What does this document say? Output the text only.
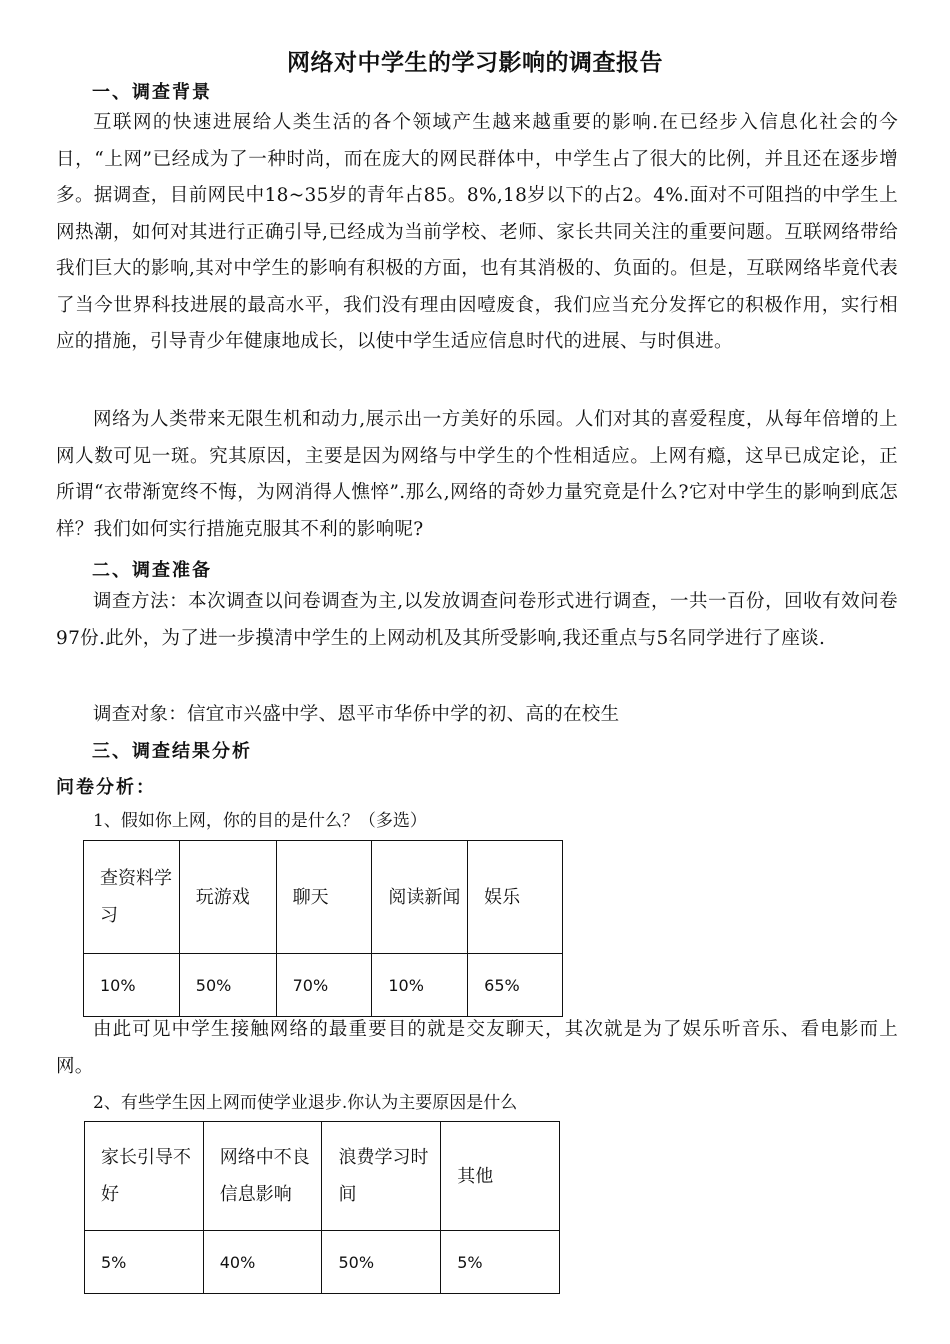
网络对中学生的学习影响的调查报告
一、调查背景

互联网的快速进展给人类生活的各个领域产生越来越重要的影响.在已经步入信息化社会的今日，“上网”已经成为了一种时尚，而在庞大的网民群体中，中学生占了很大的比例，并且还在逐步增多。据调查，目前网民中18~35岁的青年占85。8%,18岁以下的占2。4%.面对不可阻挡的中学生上网热潮，如何对其进行正确引导,已经成为当前学校、老师、家长共同关注的重要问题。互联网络带给我们巨大的影响,其对中学生的影响有积极的方面，也有其消极的、负面的。但是，互联网络毕竟代表了当今世界科技进展的最高水平，我们没有理由因噎废食，我们应当充分发挥它的积极作用，实行相应的措施，引导青少年健康地成长，以使中学生适应信息时代的进展、与时俱进。

网络为人类带来无限生机和动力,展示出一方美好的乐园。人们对其的喜爱程度，从每年倍增的上网人数可见一斑。究其原因，主要是因为网络与中学生的个性相适应。上网有瘾，这早已成定论，正所谓“衣带渐宽终不悔，为网消得人憔悴”.那么,网络的奇妙力量究竟是什么?它对中学生的影响到底怎样？我们如何实行措施克服其不利的影响呢?

二、调查准备

调查方法：本次调查以问卷调查为主,以发放调查问卷形式进行调查，一共一百份，回收有效问卷97份.此外，为了进一步摸清中学生的上网动机及其所受影响,我还重点与5名同学进行了座谈.

调查对象：信宜市兴盛中学、恩平市华侨中学的初、高的在校生
三、调查结果分析
问卷分析：
1、假如你上网，你的目的是什么？（多选）
查资料学习	玩游戏	聊天	阅读新闻	娱乐
10%	50%	70%	10%	65%

由此可见中学生接触网络的最重要目的就是交友聊天，其次就是为了娱乐听音乐、看电影而上网。

2、有些学生因上网而使学业退步.你认为主要原因是什么
家长引导不好	网络中不良信息影响	浪费学习时间	其他
5%	40%	50%	5%
